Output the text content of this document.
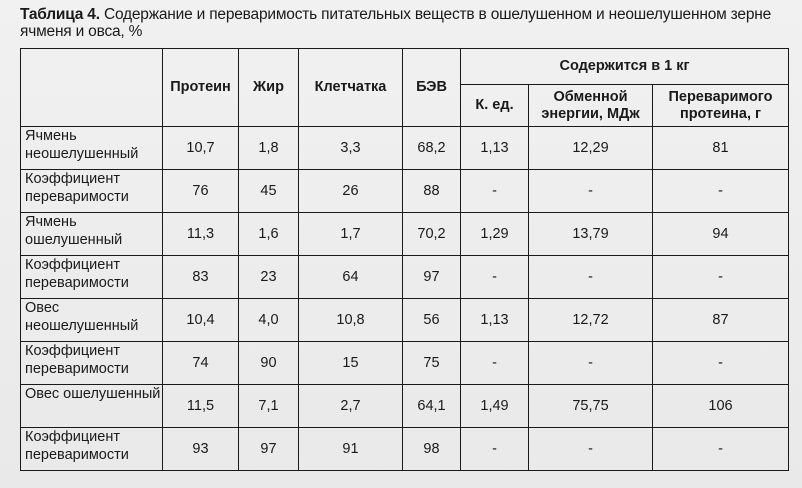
Таблица 4. Содержание и переваримость питательных веществ в ошелушенном и неошелушенном зерне ячменя и овса, %
	Протеин	Жир	Клетчатка	БЭВ	Содержится в 1 кг		
					К. ед.	Обменной энергии, МДж	Переваримого протеина, г
Ячмень неошелушенный	10,7	1,8	3,3	68,2	1,13	12,29	81
Коэффициент переваримости	76	45	26	88	-	-	-
Ячмень ошелушенный	11,3	1,6	1,7	70,2	1,29	13,79	94
Коэффициент переваримости	83	23	64	97	-	-	-
Овес неошелушенный	10,4	4,0	10,8	56	1,13	12,72	87
Коэффициент переваримости	74	90	15	75	-	-	-
Овес ошелушенный	11,5	7,1	2,7	64,1	1,49	75,75	106
Коэффициент переваримости	93	97	91	98	-	-	-
